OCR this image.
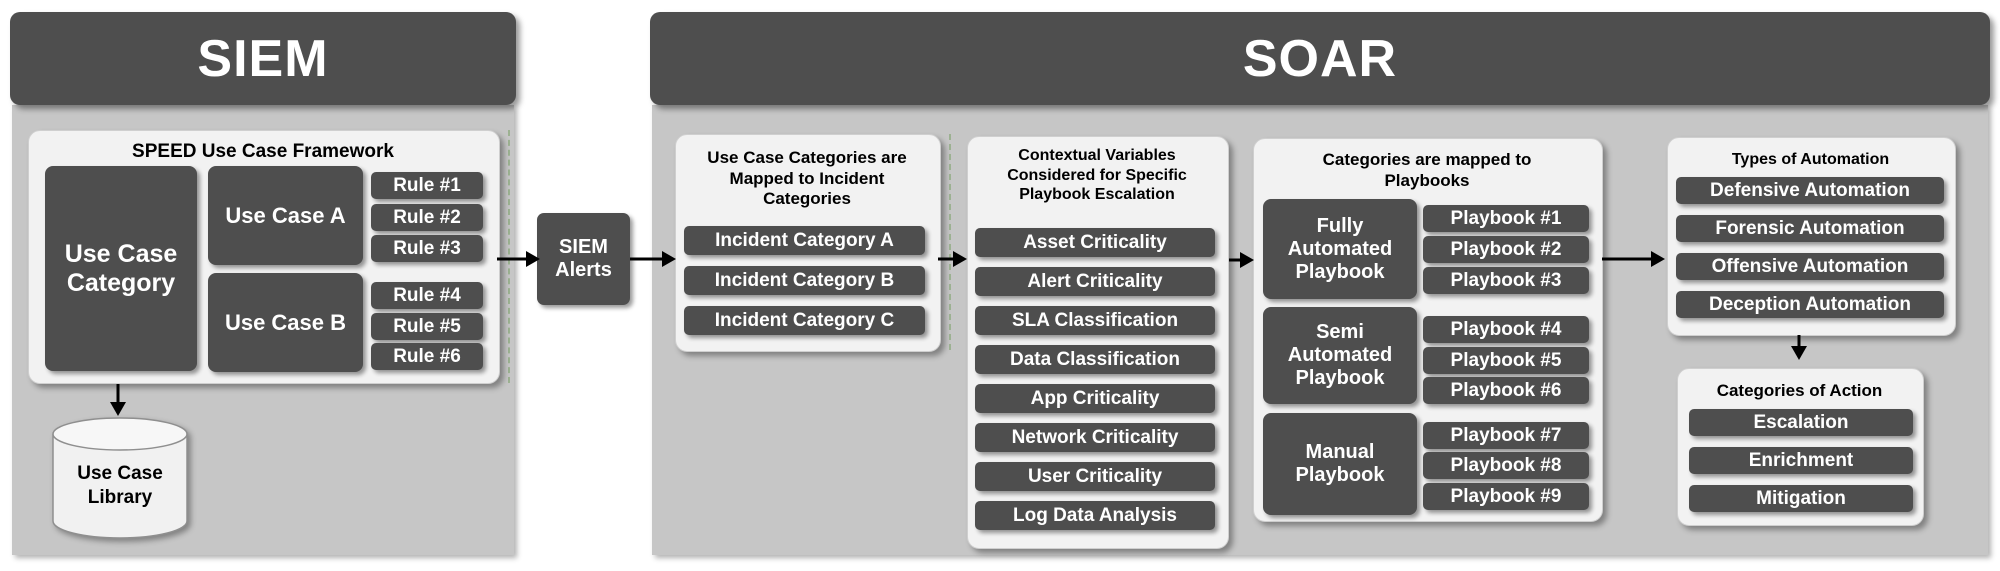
SIEM
SPEED Use Case Framework
Use Case Category
Use Case A
Use Case B
Rule #1
Rule #2
Rule #3
Rule #4
Rule #5
Rule #6
Use Case Library
SIEM Alerts
SOAR
Use Case Categories are Mapped to Incident Categories
Incident Category A
Incident Category B
Incident Category C
Contextual Variables Considered for Specific Playbook Escalation
Asset Criticality
Alert Criticality
SLA Classification
Data Classification
App Criticality
Network Criticality
User Criticality
Log Data Analysis
Categories are mapped to Playbooks
Fully Automated Playbook
Semi Automated Playbook
Manual Playbook
Playbook #1
Playbook #2
Playbook #3
Playbook #4
Playbook #5
Playbook #6
Playbook #7
Playbook #8
Playbook #9
Types of Automation
Defensive Automation
Forensic Automation
Offensive Automation
Deception Automation
Categories of Action
Escalation
Enrichment
Mitigation
